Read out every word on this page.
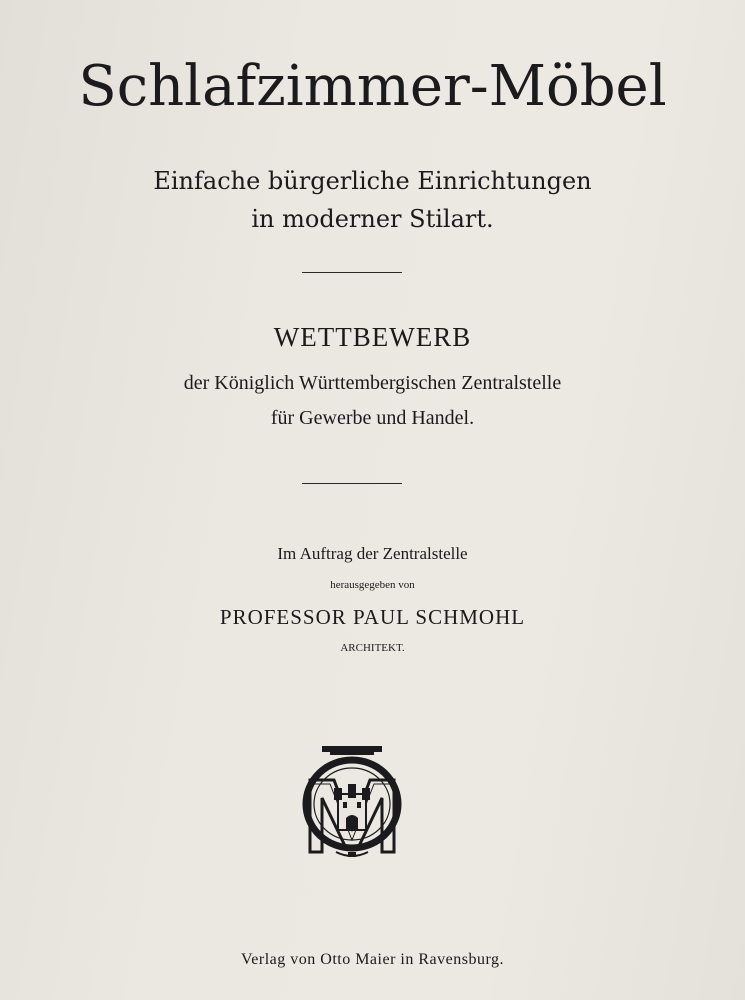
Schlafzimmer-Möbel
Einfache bürgerliche Einrichtungen
in moderner Stilart.
WETTBEWERB
der Königlich Württembergischen Zentralstelle
für Gewerbe und Handel.
Im Auftrag der Zentralstelle
herausgegeben von
PROFESSOR PAUL SCHMOHL
ARCHITEKT.
Verlag von Otto Maier in Ravensburg.
